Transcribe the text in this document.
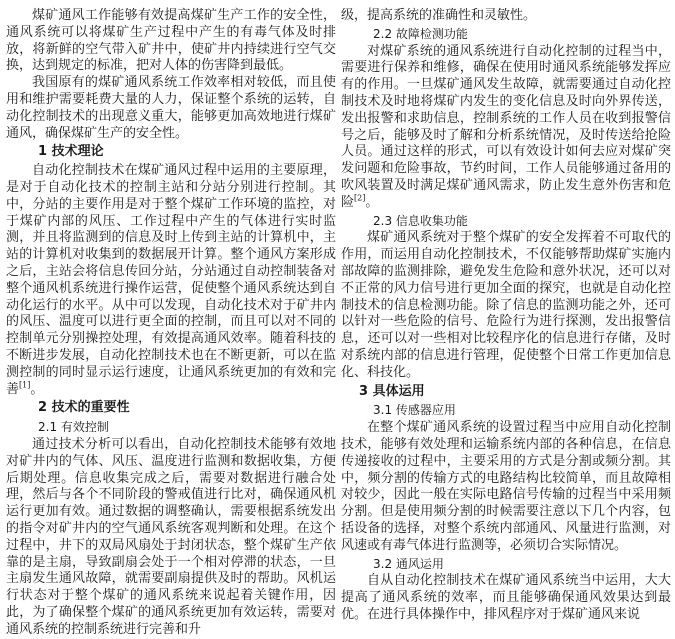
煤矿通风工作能够有效提高煤矿生产工作的安全性，通风系统可以将煤矿生产过程中产生的有毒气体及时排放，将新鲜的空气带入矿井中，使矿井内持续进行空气交换，达到规定的标准，把对人体的伤害降到最低。

我国原有的煤矿通风系统工作效率相对较低，而且使用和维护需要耗费大量的人力，保证整个系统的运转，自动化控制技术的出现意义重大，能够更加高效地进行煤矿通风，确保煤矿生产的安全性。

1 技术理论

自动化控制技术在煤矿通风过程中运用的主要原理，是对于自动化技术的控制主站和分站分别进行控制。其中，分站的主要作用是对于整个煤矿工作环境的监控，对于煤矿内部的风压、工作过程中产生的气体进行实时监测，并且将监测到的信息及时上传到主站的计算机中，主站的计算机对收集到的数据展开计算。整个通风方案形成之后，主站会将信息传回分站，分站通过自动控制装备对整个通风机系统进行操作运营，促使整个通风系统达到自动化运行的水平。从中可以发现，自动化技术对于矿井内的风压、温度可以进行更全面的控制，而且可以对不同的控制单元分别操控处理，有效提高通风效率。随着科技的不断进步发展，自动化控制技术也在不断更新，可以在监测控制的同时显示运行速度，让通风系统更加的有效和完善[1]。

2 技术的重要性
2.1 有效控制

通过技术分析可以看出，自动化控制技术能够有效地对矿井内的气体、风压、温度进行监测和数据收集，方便后期处理。信息收集完成之后，需要对数据进行融合处理，然后与各个不同阶段的警戒值进行比对，确保通风机运行更加有效。通过数据的调整确认，需要根据系统发出的指令对矿井内的空气通风系统客观判断和处理。在这个过程中，井下的双局风扇处于封闭状态，整个煤矿生产依靠的是主扇，导致副扇会处于一个相对停滞的状态，一旦主扇发生通风故障，就需要副扇提供及时的帮助。风机运行状态对于整个煤矿的通风系统来说起着关键作用，因此，为了确保整个煤矿的通风系统更加有效运转，需要对通风系统的控制系统进行完善和升

级，提高系统的准确性和灵敏性。

2.2 故障检测功能

对煤矿系统的通风系统进行自动化控制的过程当中，需要进行保养和维修，确保在使用时通风系统能够发挥应有的作用。一旦煤矿通风发生故障，就需要通过自动化控制技术及时地将煤矿内发生的变化信息及时向外界传送，发出报警和求助信息，控制系统的工作人员在收到报警信号之后，能够及时了解和分析系统情况，及时传送给抢险人员。通过这样的形式，可以有效设计如何去应对煤矿突发问题和危险事故，节约时间，工作人员能够通过备用的吹风装置及时满足煤矿通风需求，防止发生意外伤害和危险[2]。

2.3 信息收集功能

煤矿通风系统对于整个煤矿的安全发挥着不可取代的作用，而运用自动化控制技术，不仅能够帮助煤矿实施内部故障的监测排除，避免发生危险和意外状况，还可以对不正常的风力信号进行更加全面的探究，也就是自动化控制技术的信息检测功能。除了信息的监测功能之外，还可以针对一些危险的信号、危险行为进行探测，发出报警信息，还可以对一些相对比较程序化的信息进行存储，及时对系统内部的信息进行管理，促使整个日常工作更加信息化、科技化。

3 具体运用
3.1 传感器应用

在整个煤矿通风系统的设置过程当中应用自动化控制技术，能够有效处理和运输系统内部的各种信息，在信息传递接收的过程中，主要采用的方式是分割或频分割。其中，频分割的传输方式的电路结构比较简单，而且故障相对较少，因此一般在实际电路信号传输的过程当中采用频分割。但是使用频分割的时候需要注意以下几个内容，包括设备的选择，对整个系统内部通风、风量进行监测，对风速或有毒气体进行监测等，必须切合实际情况。

3.2 通风运用

自从自动化控制技术在煤矿通风系统当中运用，大大提高了通风系统的效率，而且能够确保通风效果达到最优。在进行具体操作中，排风程序对于煤矿通风来说
